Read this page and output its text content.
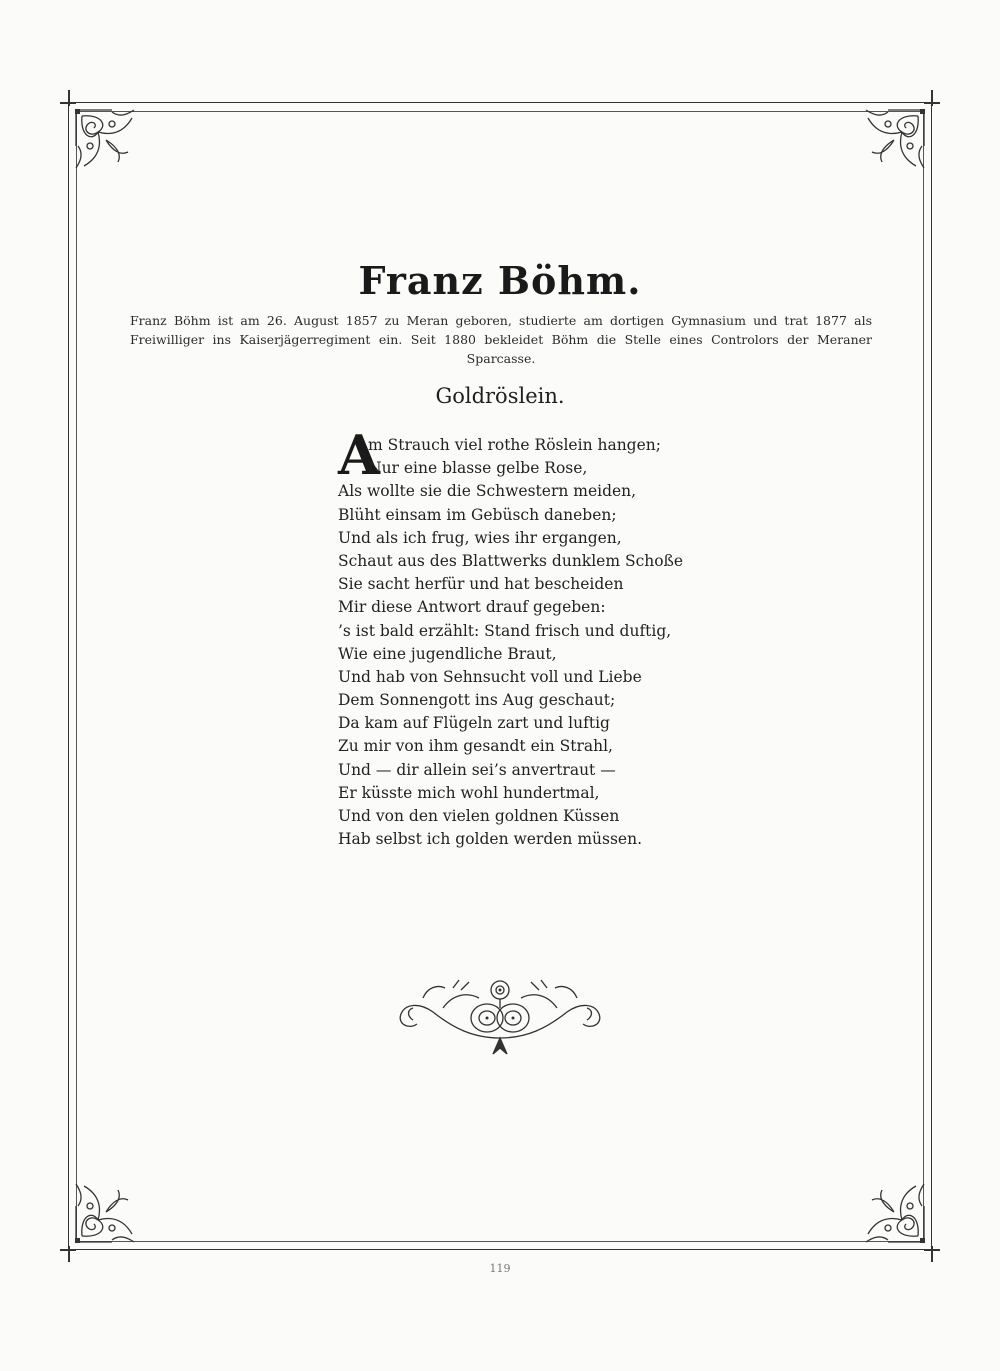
Franz Böhm.
Franz Böhm ist am 26. August 1857 zu Meran geboren, studierte am dortigen Gymnasium und trat 1877 als Freiwilliger ins Kaiserjägerregiment ein. Seit 1880 bekleidet Böhm die Stelle eines Controlors der Meraner Sparcasse.
Goldröslein.
A
m Strauch viel rothe Röslein hangen;
Nur eine blasse gelbe Rose,
Als wollte sie die Schwestern meiden,
Blüht einsam im Gebüsch daneben;
Und als ich frug, wies ihr ergangen,
Schaut aus des Blattwerks dunklem Schoße
Sie sacht herfür und hat bescheiden
Mir diese Antwort drauf gegeben:
’s ist bald erzählt: Stand frisch und duftig,
Wie eine jugendliche Braut,
Und hab von Sehnsucht voll und Liebe
Dem Sonnengott ins Aug geschaut;
Da kam auf Flügeln zart und luftig
Zu mir von ihm gesandt ein Strahl,
Und — dir allein sei’s anvertraut —
Er küsste mich wohl hundertmal,
Und von den vielen goldnen Küssen
Hab selbst ich golden werden müssen.
119
